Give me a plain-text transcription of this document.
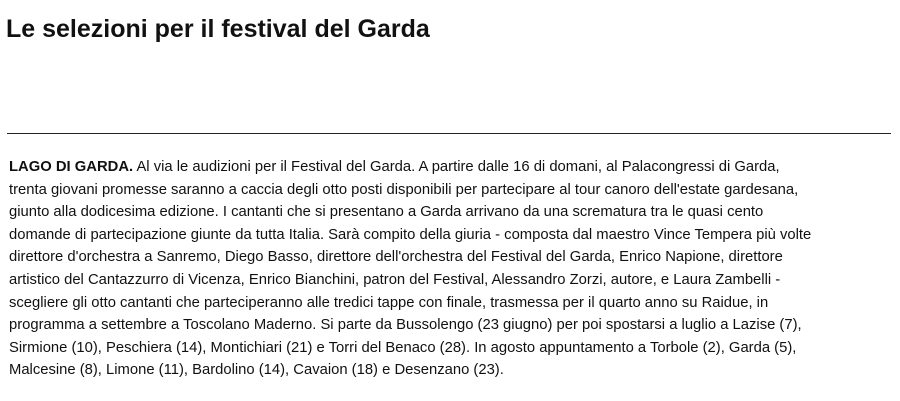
Le selezioni per il festival del Garda
LAGO DI GARDA. Al via le audizioni per il Festival del Garda. A partire dalle 16 di domani, al Palacongressi di Garda,
trenta giovani promesse saranno a caccia degli otto posti disponibili per partecipare al tour canoro dell'estate gardesana,
giunto alla dodicesima edizione. I cantanti che si presentano a Garda arrivano da una scrematura tra le quasi cento
domande di partecipazione giunte da tutta Italia. Sarà compito della giuria - composta dal maestro Vince Tempera più volte
direttore d'orchestra a Sanremo, Diego Basso, direttore dell'orchestra del Festival del Garda, Enrico Napione, direttore
artistico del Cantazzurro di Vicenza, Enrico Bianchini, patron del Festival, Alessandro Zorzi, autore, e Laura Zambelli -
scegliere gli otto cantanti che parteciperanno alle tredici tappe con finale, trasmessa per il quarto anno su Raidue, in
programma a settembre a Toscolano Maderno. Si parte da Bussolengo (23 giugno) per poi spostarsi a luglio a Lazise (7),
Sirmione (10), Peschiera (14), Montichiari (21) e Torri del Benaco (28). In agosto appuntamento a Torbole (2), Garda (5),
Malcesine (8), Limone (11), Bardolino (14), Cavaion (18) e Desenzano (23).
